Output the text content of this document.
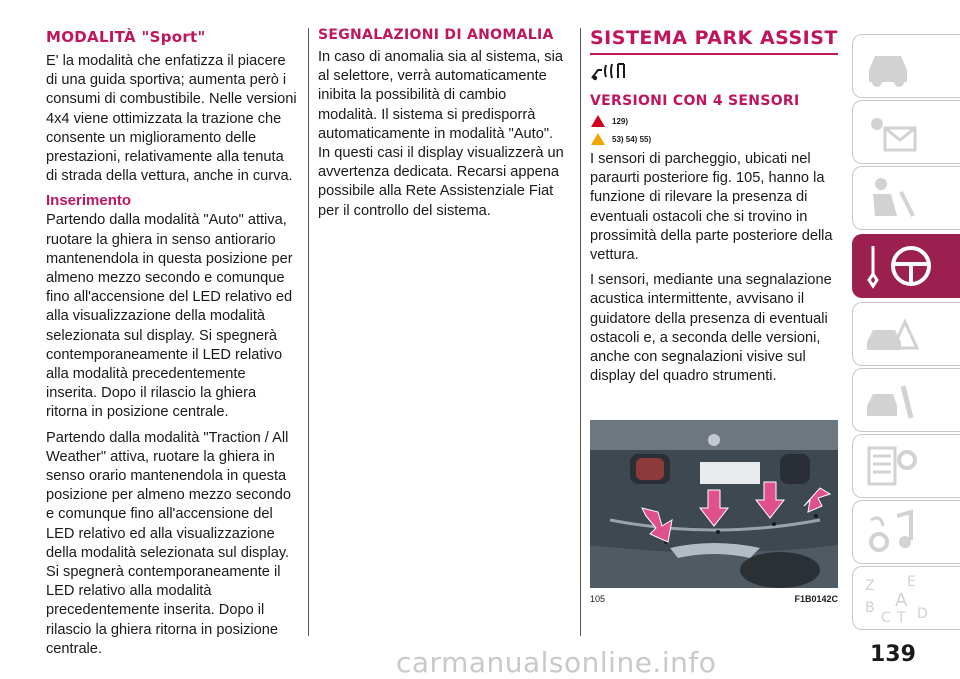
MODALITÀ "Sport"

E' la modalità che enfatizza il piacere di una guida sportiva; aumenta però i consumi di combustibile. Nelle versioni 4x4 viene ottimizzata la trazione che consente un miglioramento delle prestazioni, relativamente alla tenuta di strada della vettura, anche in curva.

Inserimento

Partendo dalla modalità "Auto" attiva, ruotare la ghiera in senso antiorario mantenendola in questa posizione per almeno mezzo secondo e comunque fino all'accensione del LED relativo ed alla visualizzazione della modalità selezionata sul display. Si spegnerà contemporaneamente il LED relativo alla modalità precedentemente inserita. Dopo il rilascio la ghiera ritorna in posizione centrale.

Partendo dalla modalità "Traction / All Weather" attiva, ruotare la ghiera in senso orario mantenendola in questa posizione per almeno mezzo secondo e comunque fino all'accensione del LED relativo ed alla visualizzazione della modalità selezionata sul display. Si spegnerà contemporaneamente il LED relativo alla modalità precedentemente inserita. Dopo il rilascio la ghiera ritorna in posizione centrale.

SEGNALAZIONI DI ANOMALIA

In caso di anomalia sia al sistema, sia al selettore, verrà automaticamente inibita la possibilità di cambio modalità. Il sistema si predisporrà automaticamente in modalità "Auto". In questi casi il display visualizzerà un avvertenza dedicata. Recarsi appena possibile alla Rete Assistenziale Fiat per il controllo del sistema.

SISTEMA PARK ASSIST
VERSIONI CON 4 SENSORI
129)
53) 54) 55)

I sensori di parcheggio, ubicati nel paraurti posteriore fig. 105, hanno la funzione di rilevare la presenza di eventuali ostacoli che si trovino in prossimità della parte posteriore della vettura.

I sensori, mediante una segnalazione acustica intermittente, avvisano il guidatore della presenza di eventuali ostacoli e, a seconda delle versioni, anche con segnalazioni visive sul display del quadro strumenti.

105	F1B0142C
Z E
B A
C T D
139
carmanualsonline.info
